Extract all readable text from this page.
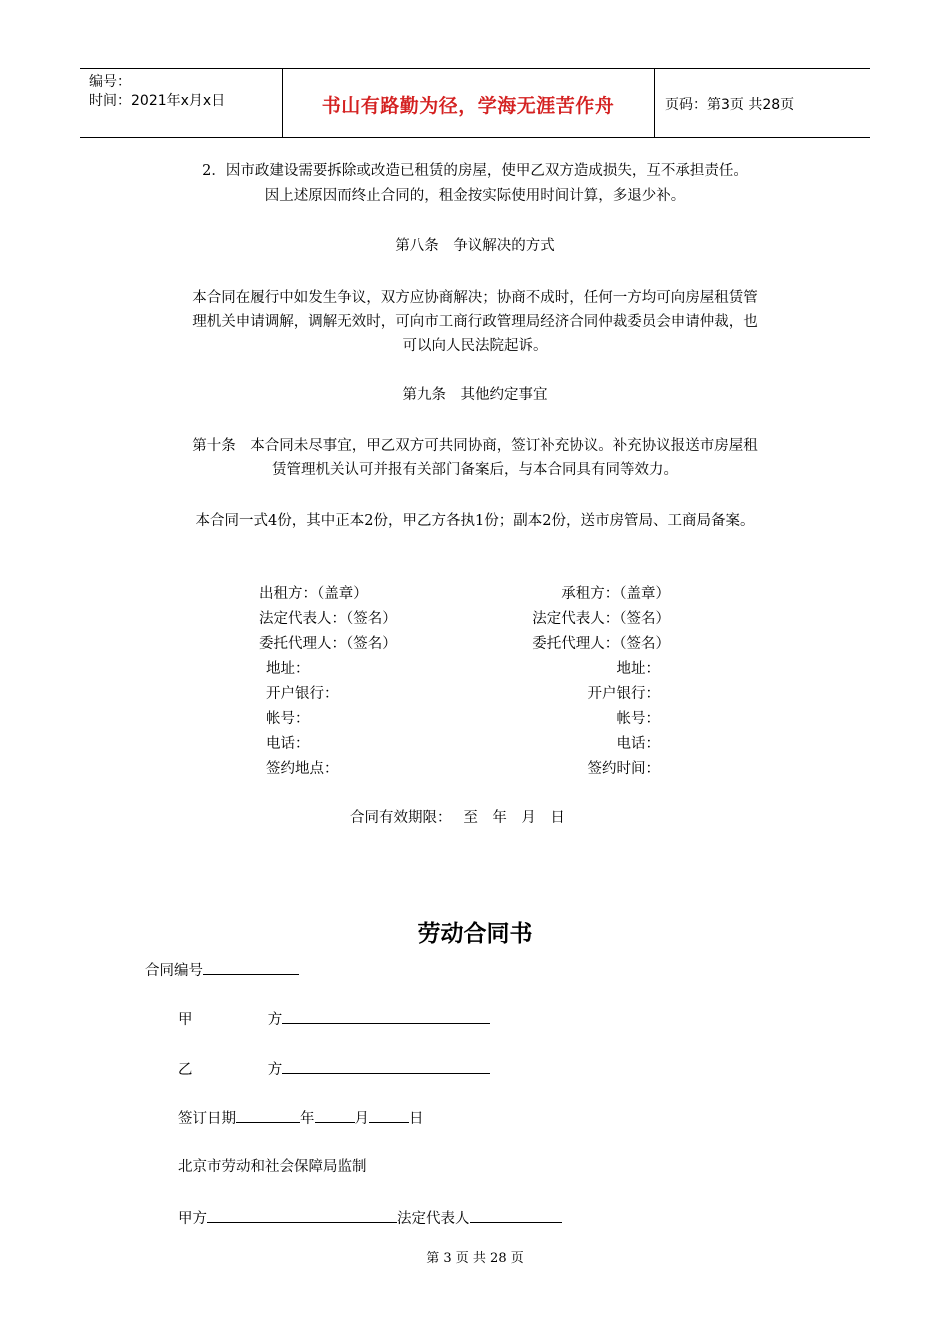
编号：
时间：2021年x月x日	书山有路勤为径，学海无涯苦作舟	页码：第3页 共28页
2．因市政建设需要拆除或改造已租赁的房屋，使甲乙双方造成损失，互不承担责任。
因上述原因而终止合同的，租金按实际使用时间计算，多退少补。
第八条　争议解决的方式
本合同在履行中如发生争议，双方应协商解决；协商不成时，任何一方均可向房屋租赁管
理机关申请调解，调解无效时，可向市工商行政管理局经济合同仲裁委员会申请仲裁，也
可以向人民法院起诉。
第九条　其他约定事宜
第十条　本合同未尽事宜，甲乙双方可共同协商，签订补充协议。补充协议报送市房屋租
赁管理机关认可并报有关部门备案后，与本合同具有同等效力。
本合同一式4份，其中正本2份，甲乙方各执1份；副本2份，送市房管局、工商局备案。
出租方：（盖章）	承租方：（盖章）
法定代表人：（签名）	法定代表人：（签名）
委托代理人：（签名）	委托代理人：（签名）
地址：	地址：
开户银行：	开户银行：
帐号：	帐号：
电话：	电话：
签约地点：	签约时间：
合同有效期限：　 至　年　月　日
劳动合同书
合同编号
甲	方
乙	方
签订日期	年	月	日
北京市劳动和社会保障局监制
甲方	法定代表人
第 3 页 共 28 页
